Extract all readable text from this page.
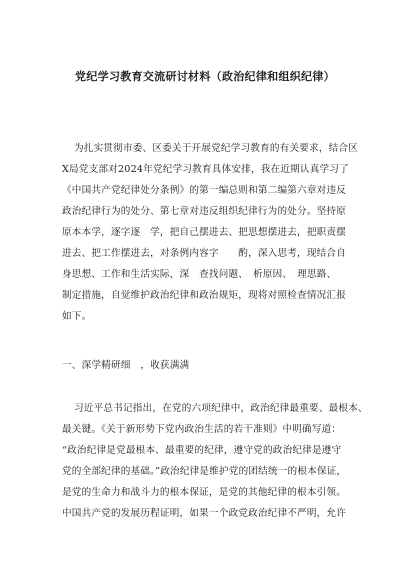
党纪学习教育交流研讨材料（政治纪律和组织纪律）
为扎实贯彻市委、区委关于开展党纪学习教育的有关要求，结合区
X局党支部对2024年党纪学习教育具体安排，我在近期认真学习了
《中国共产党纪律处分条例》的第一编总则和第二编第六章对违反
政治纪律行为的处分、第七章对违反组织纪律行为的处分。坚持原
原本本学，逐字逐　学，把自己摆进去、把思想摆进去，把职责摆
进去、把工作摆进去，对条例内容字　　酌，深入思考，现结合自
身思想、工作和生活实际，深　查找问题、　析原因、　理思路、
制定措施，自觉维护政治纪律和政治规矩，现将对照检查情况汇报
如下。
一、深学精研细　，收获满满
习近平总书记指出，在党的六项纪律中，政治纪律最重要、最根本、
最关键。《关于新形势下党内政治生活的若干准则》中明确写道：
“政治纪律是党最根本、最重要的纪律，遵守党的政治纪律是遵守
党的全部纪律的基础。”政治纪律是维护党的团结统一的根本保证，
是党的生命力和战斗力的根本保证，是党的其他纪律的根本引领。
中国共产党的发展历程证明，如果一个政党政治纪律不严明，允许
